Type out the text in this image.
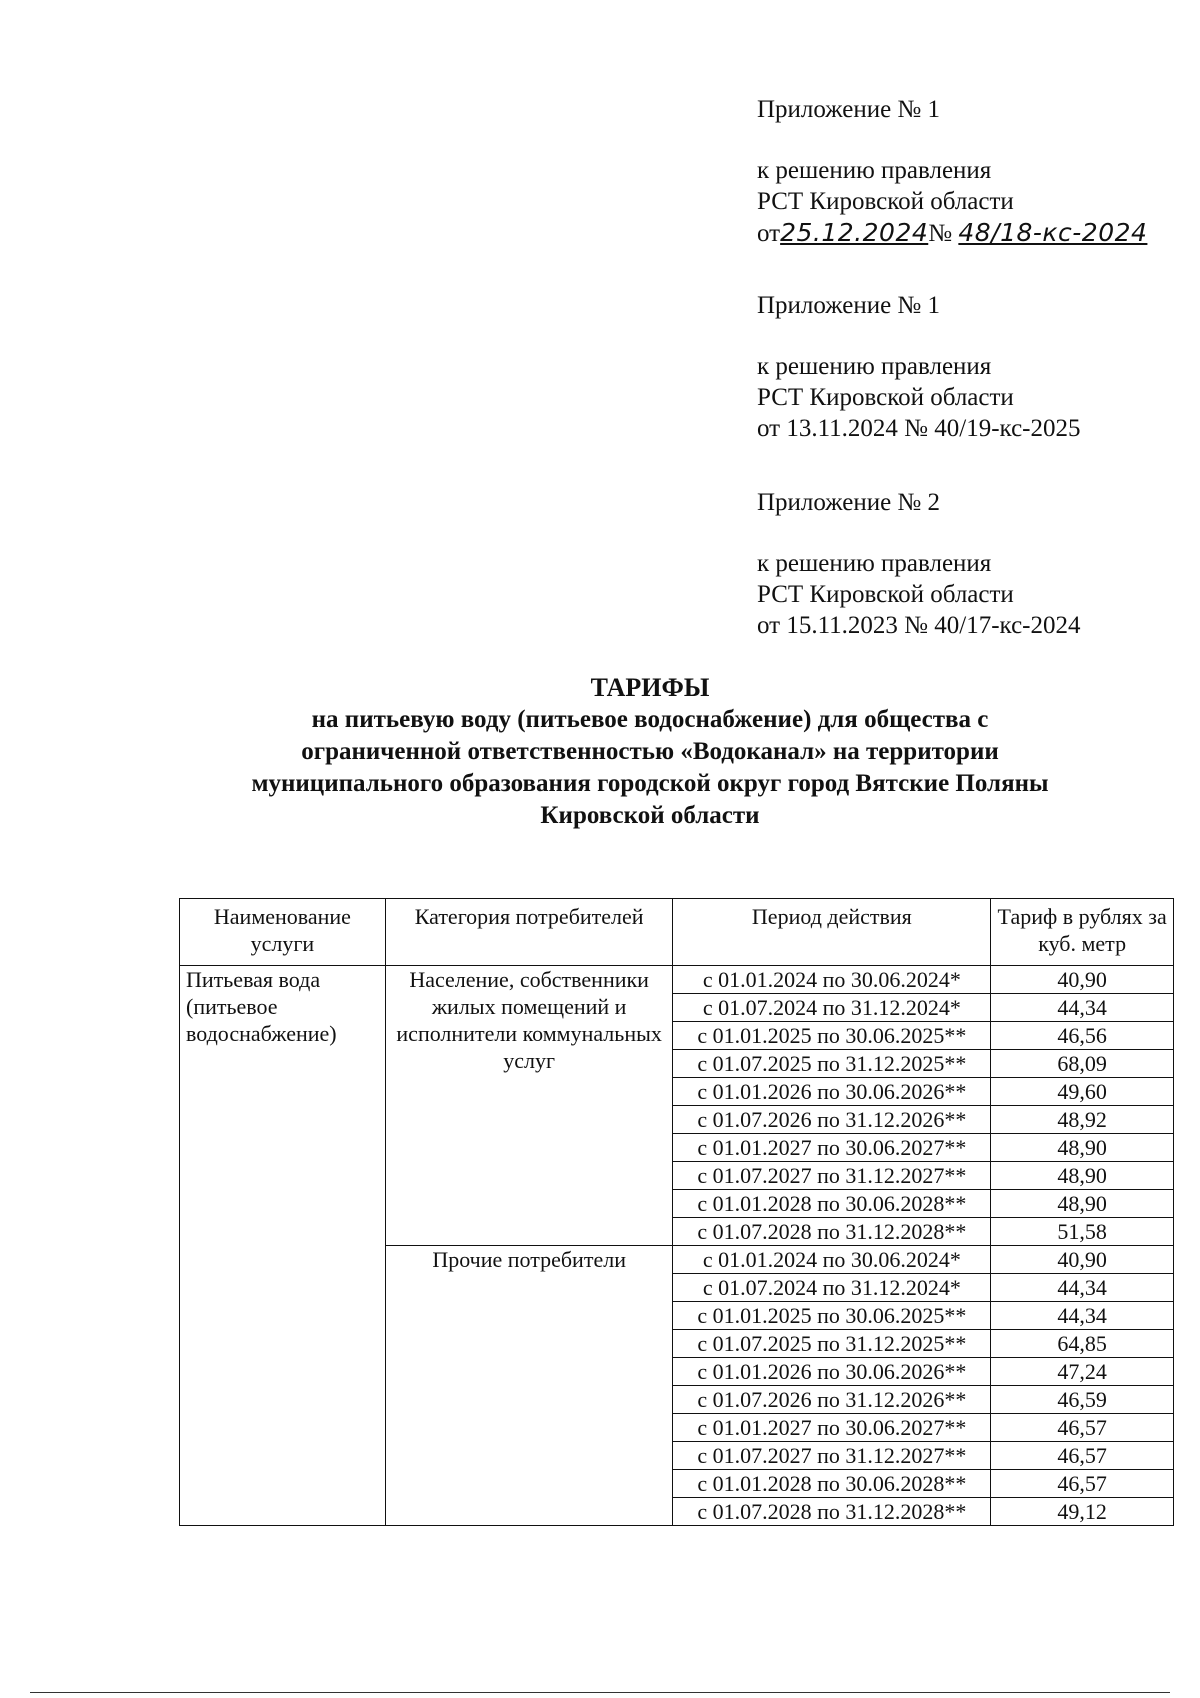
Приложение № 1

к решению правления

РСТ Кировской области

от25.12.2024№ 48/18-кс-2024

Приложение № 1

к решению правления

РСТ Кировской области

от 13.11.2024 № 40/19-кс-2025

Приложение № 2

к решению правления

РСТ Кировской области

от 15.11.2023 № 40/17-кс-2024

ТАРИФЫ
на питьевую воду (питьевое водоснабжение) для общества с
ограниченной ответственностью «Водоканал» на территории
муниципального образования городской округ город Вятские Поляны
Кировской области
Наименование услуги	Категория потребителей	Период действия	Тариф в рублях за куб. метр
Питьевая вода (питьевое водоснабжение)	Население, собственники жилых помещений и исполнители коммунальных услуг	с 01.01.2024 по 30.06.2024*	40,90
		с 01.07.2024 по 31.12.2024*	44,34
		с 01.01.2025 по 30.06.2025**	46,56
		с 01.07.2025 по 31.12.2025**	68,09
		с 01.01.2026 по 30.06.2026**	49,60
		с 01.07.2026 по 31.12.2026**	48,92
		с 01.01.2027 по 30.06.2027**	48,90
		с 01.07.2027 по 31.12.2027**	48,90
		с 01.01.2028 по 30.06.2028**	48,90
		с 01.07.2028 по 31.12.2028**	51,58
	Прочие потребители	с 01.01.2024 по 30.06.2024*	40,90
		с 01.07.2024 по 31.12.2024*	44,34
		с 01.01.2025 по 30.06.2025**	44,34
		с 01.07.2025 по 31.12.2025**	64,85
		с 01.01.2026 по 30.06.2026**	47,24
		с 01.07.2026 по 31.12.2026**	46,59
		с 01.01.2027 по 30.06.2027**	46,57
		с 01.07.2027 по 31.12.2027**	46,57
		с 01.01.2028 по 30.06.2028**	46,57
		с 01.07.2028 по 31.12.2028**	49,12
